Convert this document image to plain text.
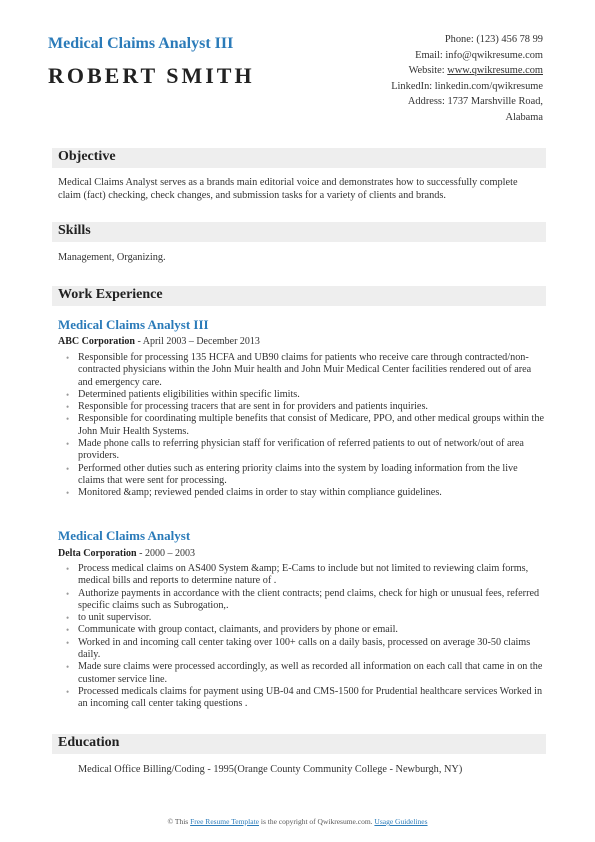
Medical Claims Analyst III
ROBERT SMITH
Phone: (123) 456 78 99
Email: info@qwikresume.com
Website: www.qwikresume.com
LinkedIn: linkedin.com/qwikresume
Address: 1737 Marshville Road,
Alabama
Objective
Medical Claims Analyst serves as a brands main editorial voice and demonstrates how to successfully complete claim (fact) checking, check changes, and submission tasks for a variety of clients and brands.
Skills
Management, Organizing.
Work Experience
Medical Claims Analyst III
ABC Corporation - April 2003 – December 2013
• Responsible for processing 135 HCFA and UB90 claims for patients who receive care through contracted/non-contracted physicians within the John Muir health and John Muir Medical Center facilities rendered out of area and emergency care.
• Determined patients eligibilities within specific limits.
• Responsible for processing tracers that are sent in for providers and patients inquiries.
• Responsible for coordinating multiple benefits that consist of Medicare, PPO, and other medical groups within the John Muir Health Systems.
• Made phone calls to referring physician staff for verification of referred patients to out of network/out of area providers.
• Performed other duties such as entering priority claims into the system by loading information from the live claims that were sent for processing.
• Monitored &amp; reviewed pended claims in order to stay within compliance guidelines.
Medical Claims Analyst
Delta Corporation - 2000 – 2003
• Process medical claims on AS400 System &amp; E-Cams to include but not limited to reviewing claim forms, medical bills and reports to determine nature of .
• Authorize payments in accordance with the client contracts; pend claims, check for high or unusual fees, referred specific claims such as Subrogation,.
• to unit supervisor.
• Communicate with group contact, claimants, and providers by phone or email.
• Worked in and incoming call center taking over 100+ calls on a daily basis, processed on average 30-50 claims daily.
• Made sure claims were processed accordingly, as well as recorded all information on each call that came in on the customer service line.
• Processed medicals claims for payment using UB-04 and CMS-1500 for Prudential healthcare services Worked in an incoming call center taking questions .
Education
Medical Office Billing/Coding - 1995(Orange County Community College - Newburgh, NY)
© This Free Resume Template is the copyright of Qwikresume.com. Usage Guidelines
